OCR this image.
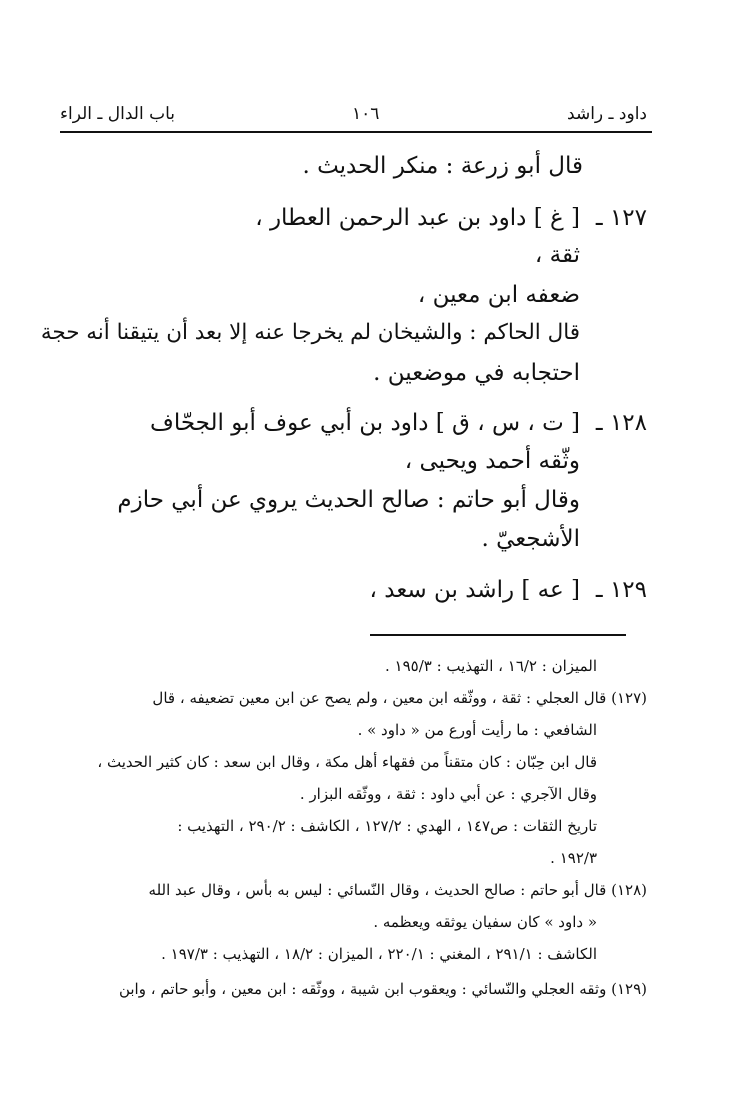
داود ـ راشد
١٠٦
باب الدال ـ الراء
قال أبو زرعة : منكر الحديث .
١٢٧ ـ
[ غ ] داود بن عبد الرحمن العطار ،
ثقة ،
ضعفه ابن معين ،
قال الحاكم : والشيخان لم يخرجا عنه إلا بعد أن يتيقنا أنه حجة
احتجابه في موضعين .
١٢٨ ـ
[ ت ، س ، ق ] داود بن أبي عوف أبو الجحّاف
وثّقه أحمد ويحيى ،
وقال أبو حاتم : صالح الحديث يروي عن أبي حازم
الأشجعيّ .
١٢٩ ـ
[ عه ] راشد بن سعد ،
الميزان : ١٦/٢ ، التهذيب : ١٩٥/٣ .
(١٢٧) قال العجلي : ثقة ، ووثّقه ابن معين ، ولم يصح عن ابن معين تضعيفه ، قال
الشافعي : ما رأيت أورع من « داود » .
قال ابن حِبّان : كان متقناً من فقهاء أهل مكة ، وقال ابن سعد : كان كثير الحديث ،
وقال الآجري : عن أبي داود : ثقة ، ووثّقه البزار .
تاريخ الثقات : ص١٤٧ ، الهدي : ١٢٧/٢ ، الكاشف : ٢٩٠/٢ ، التهذيب :
١٩٢/٣ .
(١٢٨) قال أبو حاتم : صالح الحديث ، وقال النّسائي : ليس به بأس ، وقال عبد الله
« داود » كان سفيان يوثقه ويعظمه .
الكاشف : ٢٩١/١ ، المغني : ٢٢٠/١ ، الميزان : ١٨/٢ ، التهذيب : ١٩٧/٣ .
(١٢٩) وثقه العجلي والنّسائي : ويعقوب ابن شيبة ، ووثّقه : ابن معين ، وأبو حاتم ، وابن
